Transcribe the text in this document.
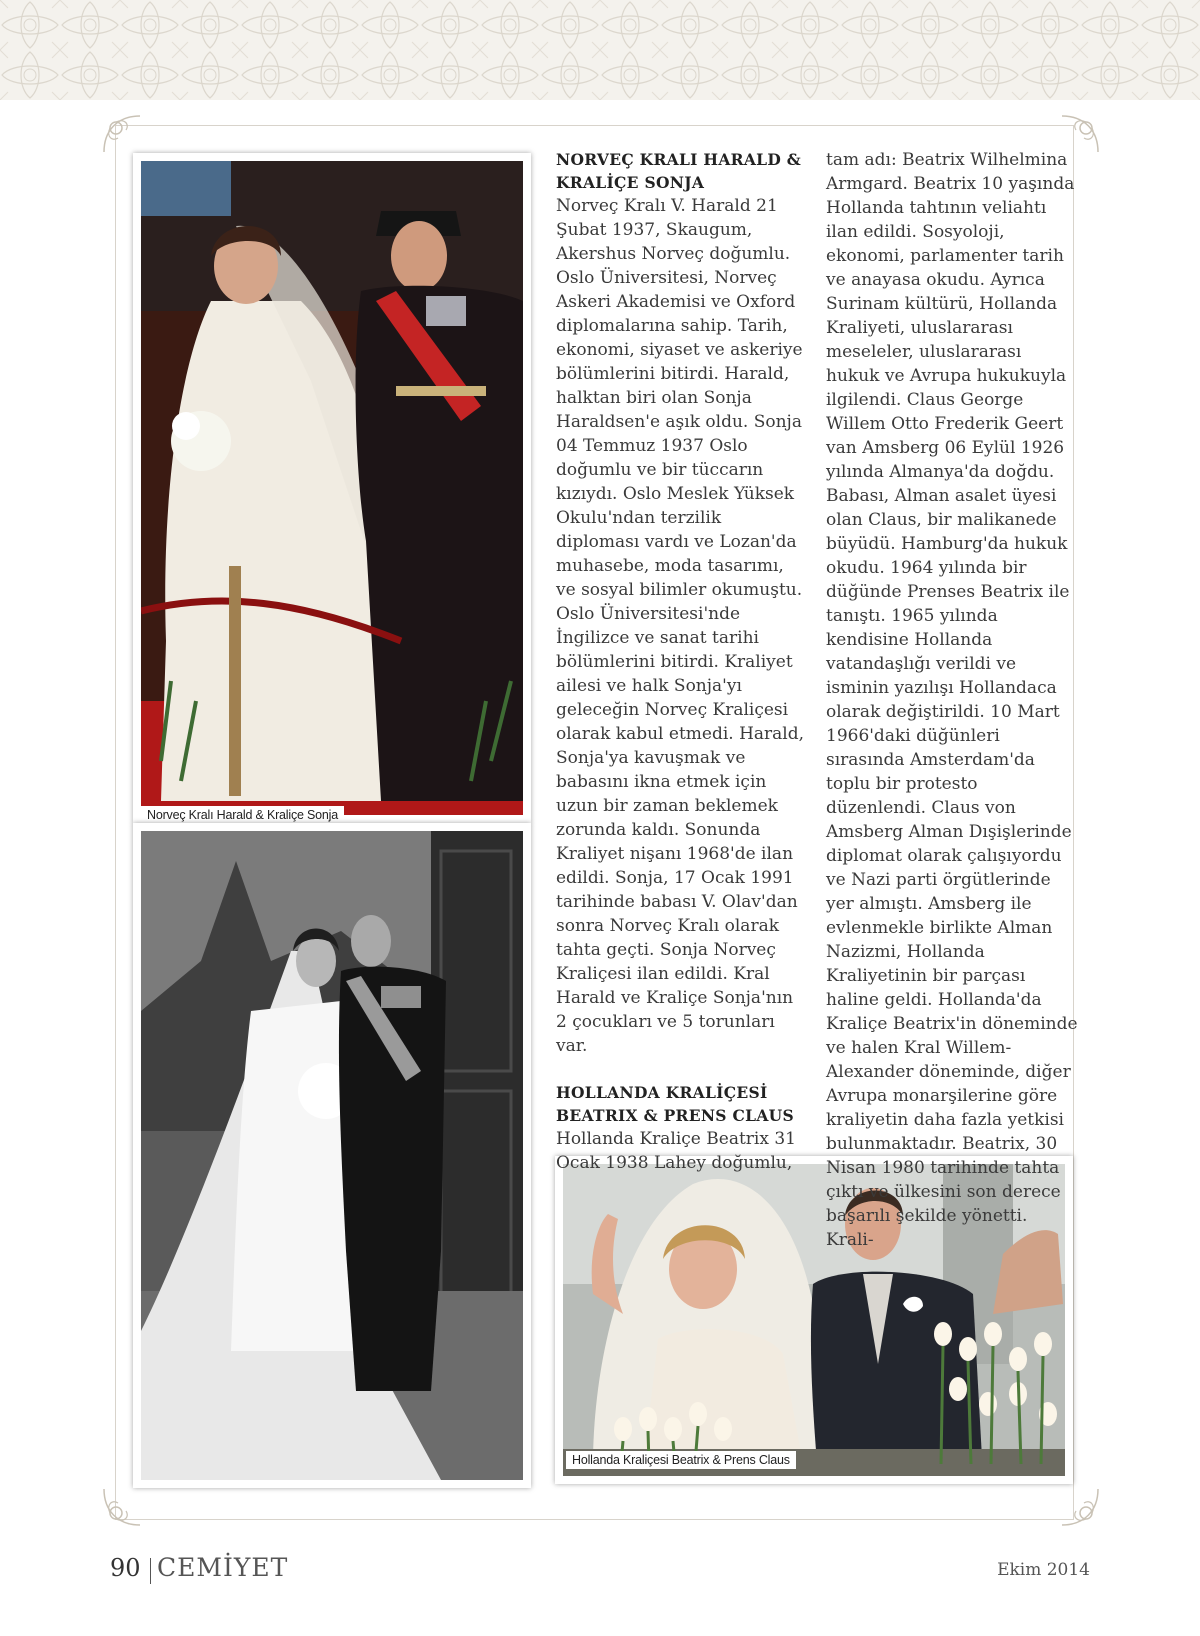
Norveç Kralı Harald & Kraliçe Sonja
Hollanda Kraliçesi Beatrix & Prens Claus

NORVEÇ KRALI HARALD & KRALİÇE SONJA

Norveç Kralı V. Harald 21 Şubat 1937, Skaugum, Akershus Norveç doğumlu. Oslo Üniversitesi, Norveç Askeri Akademisi ve Oxford diplomalarına sahip. Tarih, ekonomi, siyaset ve askeriye bölümlerini bitirdi. Harald, halktan biri olan Sonja Haraldsen'e aşık oldu. Sonja 04 Temmuz 1937 Oslo doğumlu ve bir tüccarın kızıydı. Oslo Meslek Yüksek Okulu'ndan terzilik diploması vardı ve Lozan'da muhasebe, moda tasarımı, ve sosyal bilimler okumuştu. Oslo Üniversitesi'nde İngilizce ve sanat tarihi bölümlerini bitirdi. Kraliyet ailesi ve halk Sonja'yı geleceğin Norveç Kraliçesi olarak kabul etmedi. Harald, Sonja'ya kavuşmak ve babasını ikna etmek için uzun bir zaman beklemek zorunda kaldı. Sonunda Kraliyet nişanı 1968'de ilan edildi. Sonja, 17 Ocak 1991 tarihinde babası V. Olav'dan sonra Norveç Kralı olarak tahta geçti. Sonja Norveç Kraliçesi ilan edildi. Kral Harald ve Kraliçe Sonja'nın 2 çocukları ve 5 torunları var.

HOLLANDA KRALİÇESİ BEATRIX & PRENS CLAUS

Hollanda Kraliçe Beatrix 31 Ocak 1938 Lahey doğumlu,

tam adı: Beatrix Wilhelmina Armgard. Beatrix 10 yaşında Hollanda tahtının veliahtı ilan edildi. Sosyoloji, ekonomi, parlamenter tarih ve anayasa okudu. Ayrıca Surinam kültürü, Hollanda Kraliyeti, uluslararası meseleler, uluslararası hukuk ve Avrupa hukukuyla ilgilendi. Claus George Willem Otto Frederik Geert van Amsberg 06 Eylül 1926 yılında Almanya'da doğdu. Babası, Alman asalet üyesi olan Claus, bir malikanede büyüdü. Hamburg'da hukuk okudu. 1964 yılında bir düğünde Prenses Beatrix ile tanıştı. 1965 yılında kendisine Hollanda vatandaşlığı verildi ve isminin yazılışı Hollandaca olarak değiştirildi. 10 Mart 1966'daki düğünleri sırasında Amsterdam'da toplu bir protesto düzenlendi. Claus von Amsberg Alman Dışişlerinde diplomat olarak çalışıyordu ve Nazi parti örgütlerinde yer almıştı. Amsberg ile evlenmekle birlikte Alman Nazizmi, Hollanda Kraliyetinin bir parçası haline geldi. Hollanda'da Kraliçe Beatrix'in döneminde ve halen Kral Willem-Alexander döneminde, diğer Avrupa monarşilerine göre kraliyetin daha fazla yetkisi bulunmaktadır. Beatrix, 30 Nisan 1980 tarihinde tahta çıktı ve ülkesini son derece başarılı şekilde yönetti. Krali-

90 CEMİYET	Ekim 2014
